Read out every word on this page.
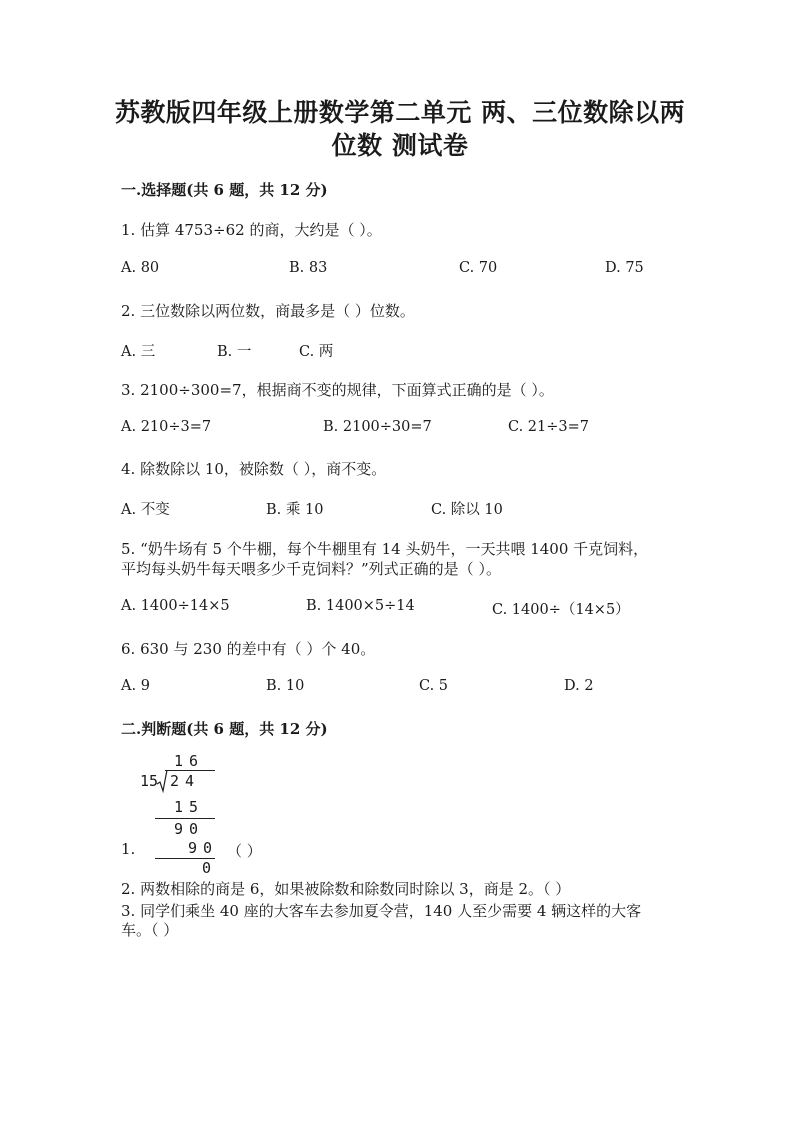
苏教版四年级上册数学第二单元 两、三位数除以两
位数 测试卷
一.选择题(共 6 题，共 12 分)
1. 估算 4753÷62 的商，大约是（ ）。
A. 80	B. 83	C. 70	D. 75
2. 三位数除以两位数，商最多是（ ）位数。
A. 三	B. 一	C. 两
3. 2100÷300=7，根据商不变的规律，下面算式正确的是（ ）。
A. 210÷3=7	B. 2100÷30=7	C. 21÷3=7
4. 除数除以 10，被除数（ ），商不变。
A. 不变	B. 乘 10	C. 除以 10
5. “奶牛场有 5 个牛棚，每个牛棚里有 14 头奶牛，一天共喂 1400 千克饲料，
平均每头奶牛每天喂多少千克饲料？”列式正确的是（ ）。
A. 1400÷14×5	B. 1400×5÷14	C. 1400÷（14×5）
6. 630 与 230 的差中有（ ）个 40。
A. 9	B. 10	C. 5	D. 2
二.判断题(共 6 题，共 12 分)
16
15 24
15
90
90
0
1.	（ ）
2. 两数相除的商是 6，如果被除数和除数同时除以 3，商是 2。（ ）
3. 同学们乘坐 40 座的大客车去参加夏令营，140 人至少需要 4 辆这样的大客
车。（ ）
